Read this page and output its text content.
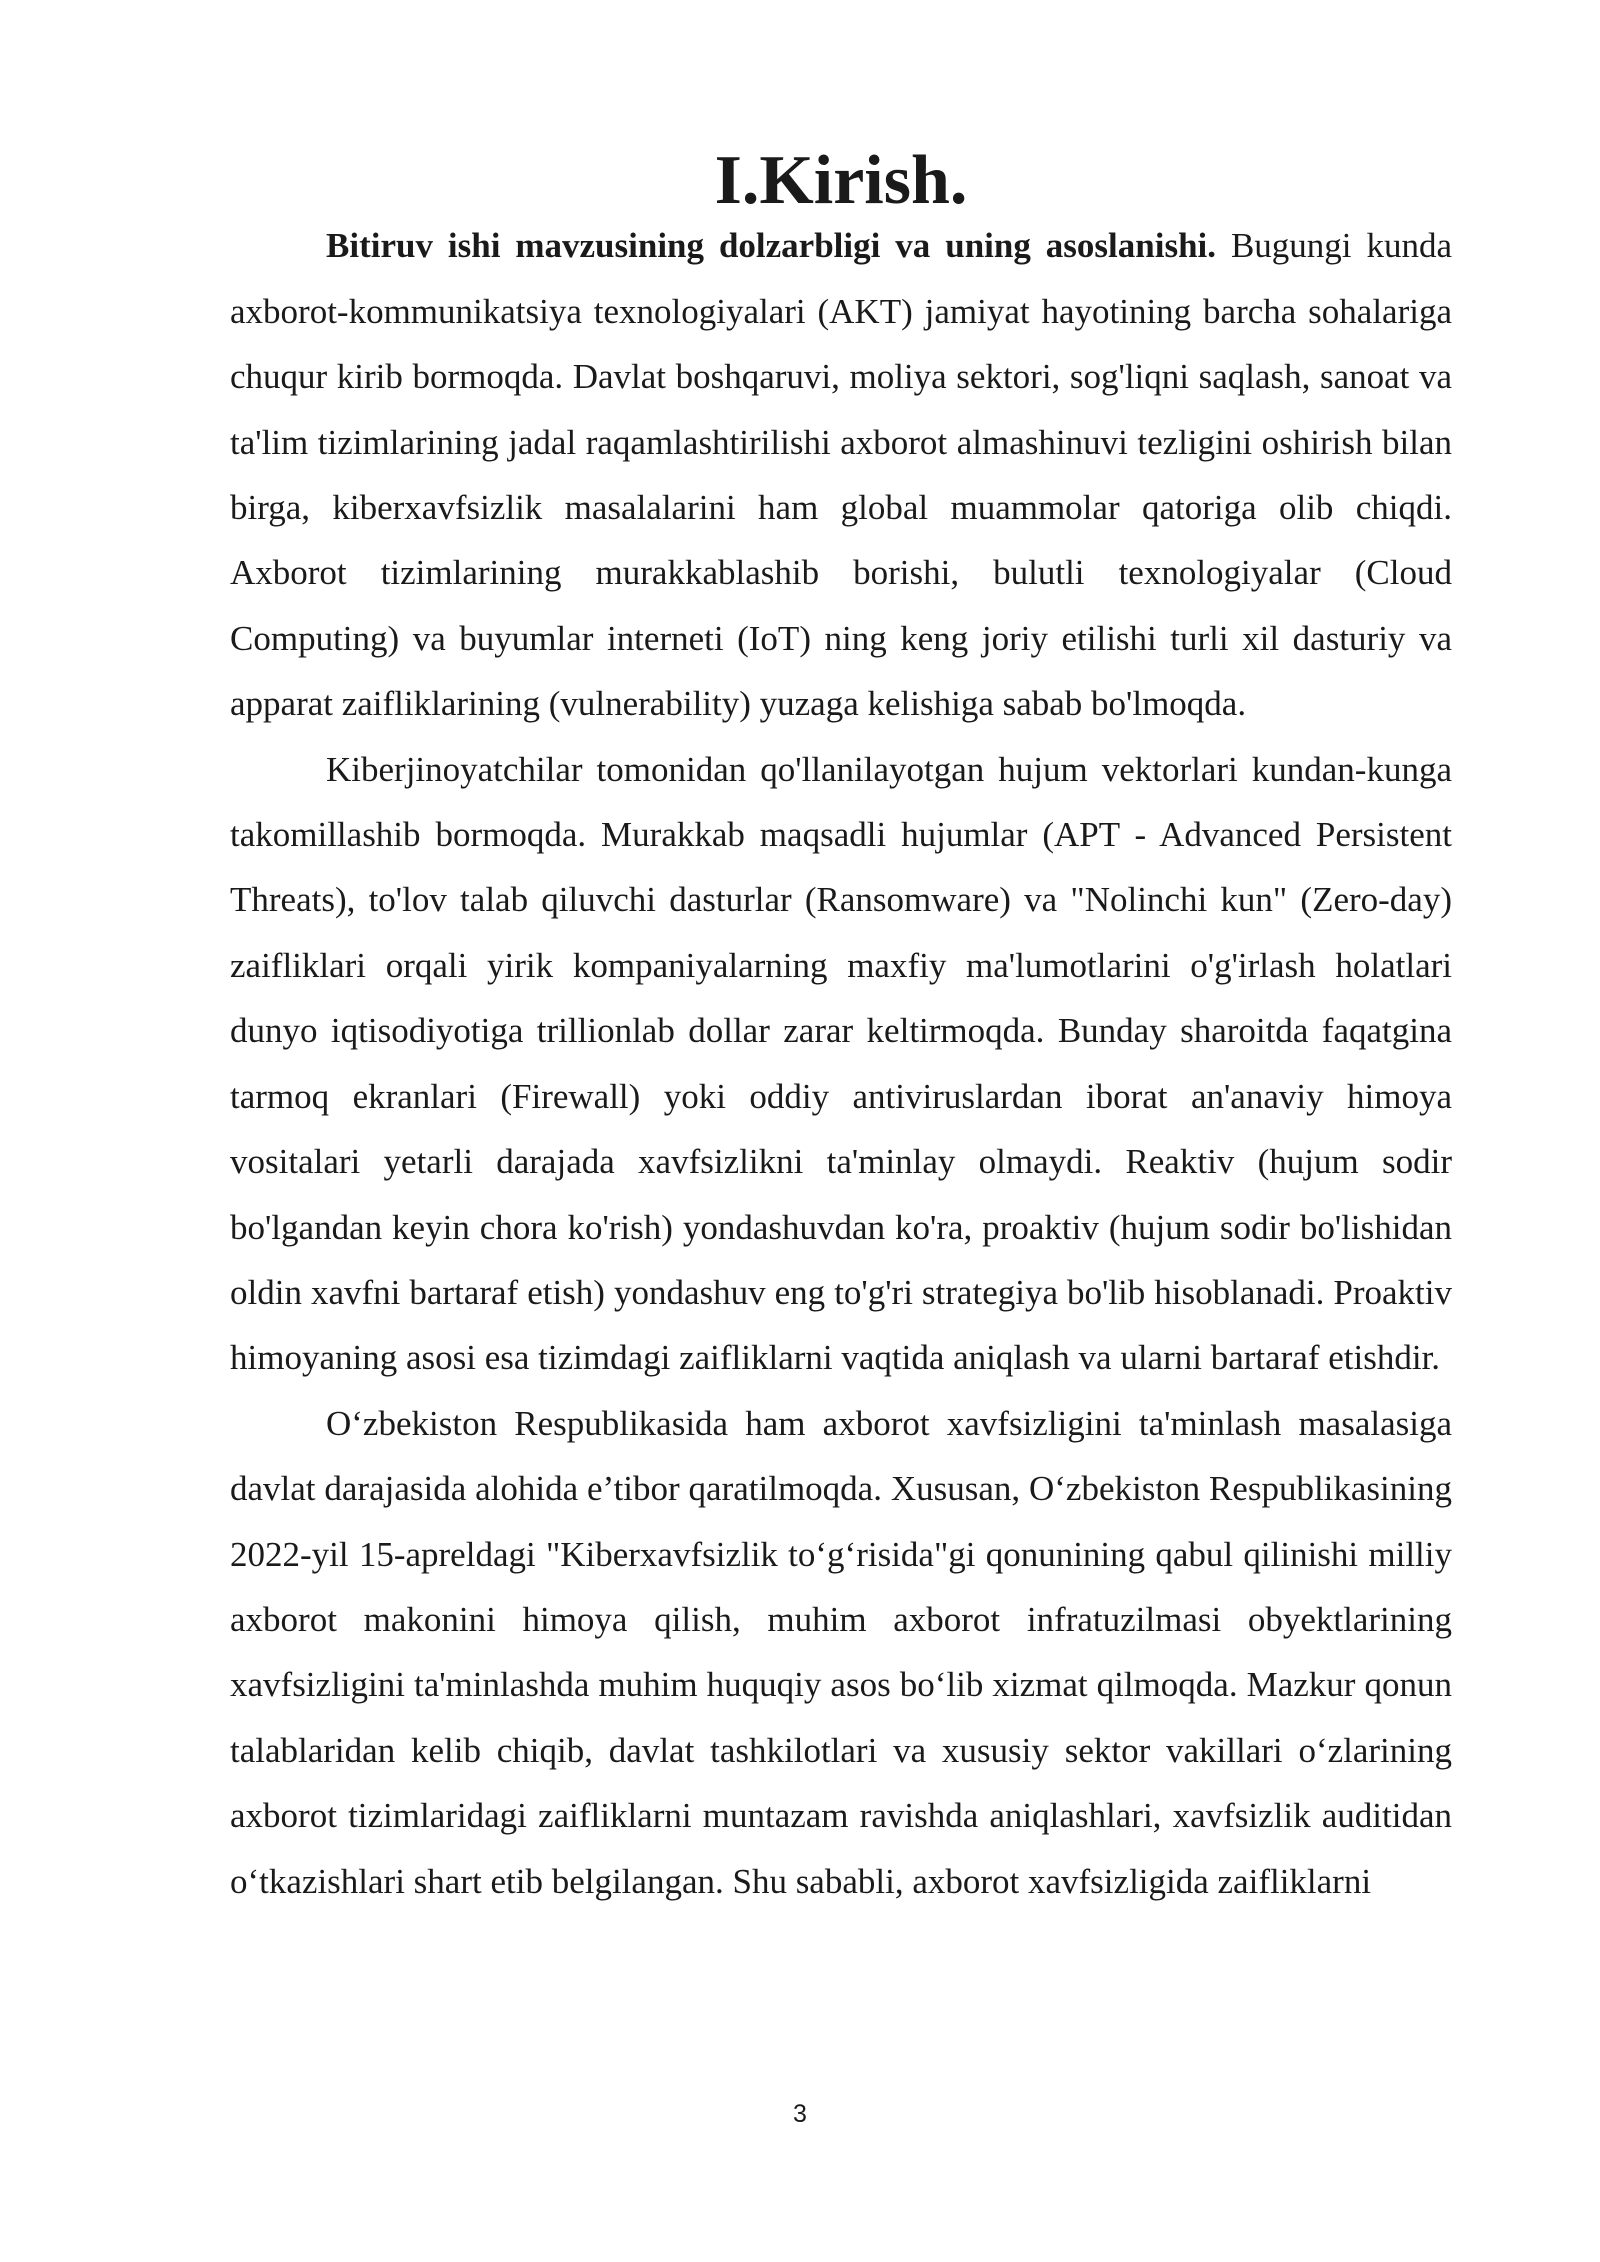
I.Kirish.

Bitiruv ishi mavzusining dolzarbligi va uning asoslanishi. Bugungi kunda axborot-kommunikatsiya texnologiyalari (AKT) jamiyat hayotining barcha sohalariga chuqur kirib bormoqda. Davlat boshqaruvi, moliya sektori, sog'liqni saqlash, sanoat va ta'lim tizimlarining jadal raqamlashtirilishi axborot almashinuvi tezligini oshirish bilan birga, kiberxavfsizlik masalalarini ham global muammolar qatoriga olib chiqdi. Axborot tizimlarining murakkablashib borishi, bulutli texnologiyalar (Cloud Computing) va buyumlar interneti (IoT) ning keng joriy etilishi turli xil dasturiy va apparat zaifliklarining (vulnerability) yuzaga kelishiga sabab bo'lmoqda.

Kiberjinoyatchilar tomonidan qo'llanilayotgan hujum vektorlari kundan-kunga takomillashib bormoqda. Murakkab maqsadli hujumlar (APT - Advanced Persistent Threats), to'lov talab qiluvchi dasturlar (Ransomware) va "Nolinchi kun" (Zero-day) zaifliklari orqali yirik kompaniyalarning maxfiy ma'lumotlarini o'g'irlash holatlari dunyo iqtisodiyotiga trillionlab dollar zarar keltirmoqda. Bunday sharoitda faqatgina tarmoq ekranlari (Firewall) yoki oddiy antiviruslardan iborat an'anaviy himoya vositalari yetarli darajada xavfsizlikni ta'minlay olmaydi. Reaktiv (hujum sodir bo'lgandan keyin chora ko'rish) yondashuvdan ko'ra, proaktiv (hujum sodir bo'lishidan oldin xavfni bartaraf etish) yondashuv eng to'g'ri strategiya bo'lib hisoblanadi. Proaktiv himoyaning asosi esa tizimdagi zaifliklarni vaqtida aniqlash va ularni bartaraf etishdir.

O‘zbekiston Respublikasida ham axborot xavfsizligini ta'minlash masalasiga davlat darajasida alohida e’tibor qaratilmoqda. Xususan, O‘zbekiston Respublikasining 2022-yil 15-apreldagi "Kiberxavfsizlik to‘g‘risida"gi qonunining qabul qilinishi milliy axborot makonini himoya qilish, muhim axborot infratuzilmasi obyektlarining xavfsizligini ta'minlashda muhim huquqiy asos bo‘lib xizmat qilmoqda. Mazkur qonun talablaridan kelib chiqib, davlat tashkilotlari va xususiy sektor vakillari o‘zlarining axborot tizimlaridagi zaifliklarni muntazam ravishda aniqlashlari, xavfsizlik auditidan o‘tkazishlari shart etib belgilangan. Shu sababli, axborot xavfsizligida zaifliklarni

3
